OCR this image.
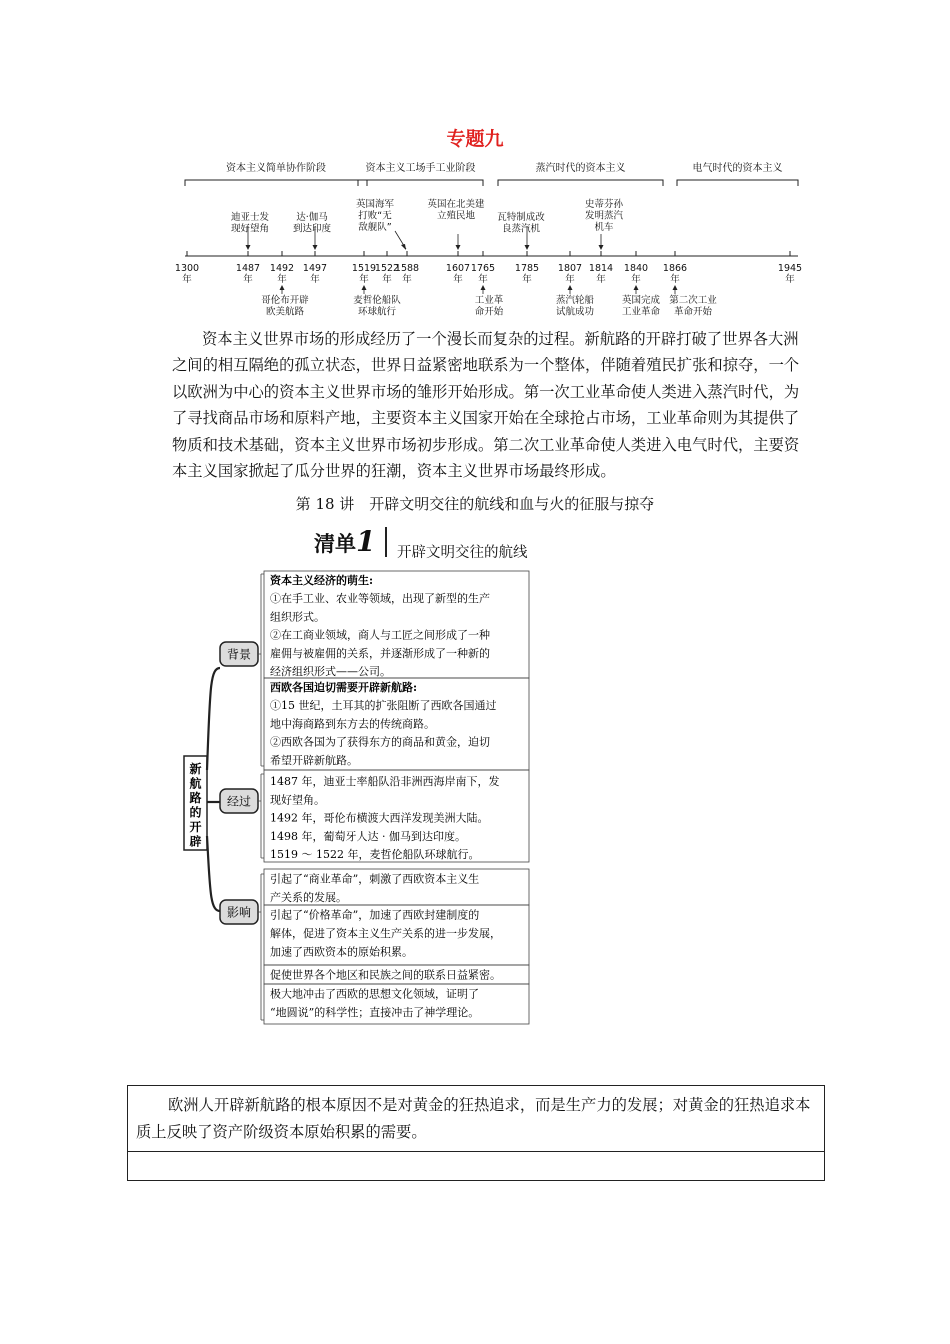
专题九
资本主义简单协作阶段	资本主义工场手工业阶段	蒸汽时代的资本主义	电气时代的资本主义
1300
年
1487
年
1492
年
1497
年
1519
年
1522
年
1588
年
1607
年
1765
年
1785
年
1807
年
1814
年
1840
年
1866
年
1945
年
迪亚士发
现好望角
达·伽马
到达印度
英国海军
打败“无
敌舰队”
英国在北美建
立殖民地 瓦特制成改
良蒸汽机
史蒂芬孙
发明蒸汽
机车
哥伦布开辟
欧美航路
麦哲伦船队
环球航行
工业革
命开始
蒸汽轮船
试航成功
英国完成
工业革命
第二次工业
革命开始

资本主义世界市场的形成经历了一个漫长而复杂的过程。新航路的开辟打破了世界各大洲之间的相互隔绝的孤立状态，世界日益紧密地联系为一个整体，伴随着殖民扩张和掠夺，一个以欧洲为中心的资本主义世界市场的雏形开始形成。第一次工业革命使人类进入蒸汽时代，为了寻找商品市场和原料产地，主要资本主义国家开始在全球抢占市场，工业革命则为其提供了物质和技术基础，资本主义世界市场初步形成。第二次工业革命使人类进入电气时代，主要资本主义国家掀起了瓜分世界的狂潮，资本主义世界市场最终形成。

第 18 讲　开辟文明交往的航线和血与火的征服与掠夺
清单1 开辟文明交往的航线
新
航
路
的
开
辟
背景
经过
影响
资本主义经济的萌生:
①在手工业、农业等领域，出现了新型的生产
组织形式。
②在工商业领域，商人与工匠之间形成了一种
雇佣与被雇佣的关系，并逐渐形成了一种新的
经济组织形式——公司。
西欧各国迫切需要开辟新航路:
①15 世纪，土耳其的扩张阻断了西欧各国通过
地中海商路到东方去的传统商路。
②西欧各国为了获得东方的商品和黄金，迫切
希望开辟新航路。
1487 年，迪亚士率船队沿非洲西海岸南下，发
现好望角。
1492 年，哥伦布横渡大西洋发现美洲大陆。
1498 年，葡萄牙人达 · 伽马到达印度。
1519 ～ 1522 年，麦哲伦船队环球航行。
引起了“商业革命”，刺激了西欧资本主义生
产关系的发展。
引起了“价格革命”，加速了西欧封建制度的
解体，促进了资本主义生产关系的进一步发展，
加速了西欧资本的原始积累。
促使世界各个地区和民族之间的联系日益紧密。
极大地冲击了西欧的思想文化领域，证明了
“地圆说”的科学性；直接冲击了神学理论。
欧洲人开辟新航路的根本原因不是对黄金的狂热追求，而是生产力的发展；对黄金的狂热追求本质上反映了资产阶级资本原始积累的需要。
